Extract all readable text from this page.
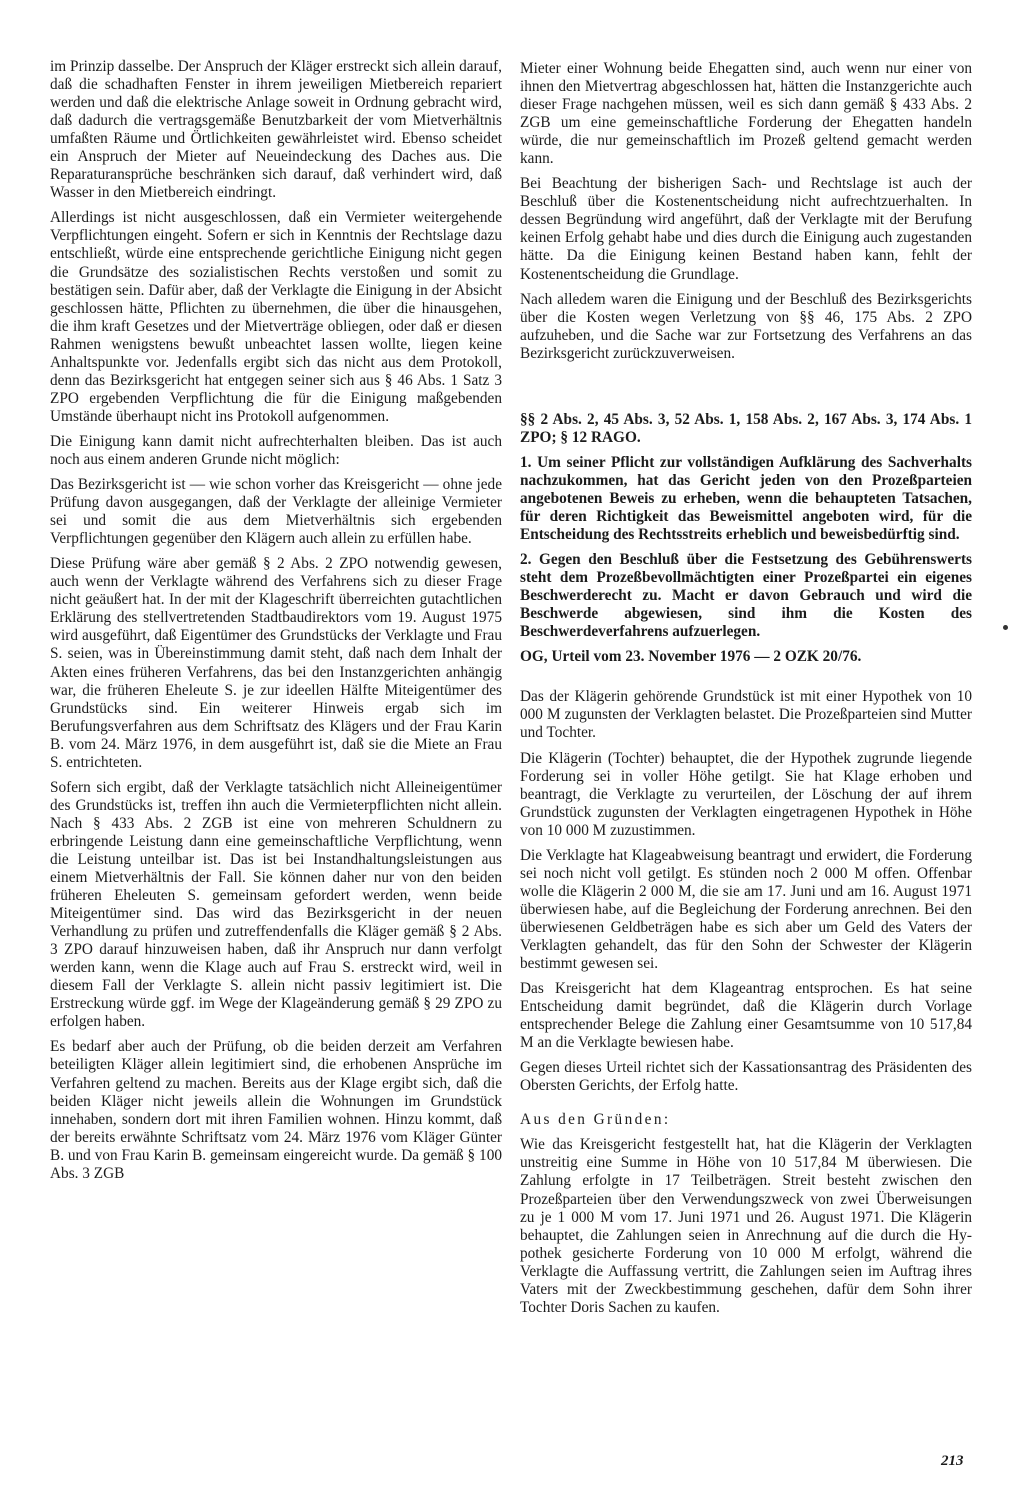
im Prinzip dasselbe. Der Anspruch der Kläger erstreckt sich allein darauf, daß die schadhaften Fenster in ihrem jeweiligen Mietbereich repariert werden und daß die elektrische Anlage soweit in Ordnung gebracht wird, daß dadurch die vertragsgemäße Benutzbarkeit der vom Mietverhältnis umfaßten Räume und Örtlichkeiten gewährleistet wird. Ebenso scheidet ein Anspruch der Mieter auf Neueindeckung des Daches aus. Die Reparaturansprüche beschränken sich darauf, daß verhindert wird, daß Wasser in den Mietbereich eindringt.

Allerdings ist nicht ausgeschlossen, daß ein Vermieter weitergehende Verpflichtungen eingeht. Sofern er sich in Kenntnis der Rechtslage dazu entschließt, würde eine entsprechende gerichtliche Einigung nicht gegen die Grundsätze des sozialistischen Rechts verstoßen und somit zu bestätigen sein. Dafür aber, daß der Verklagte die Einigung in der Absicht geschlossen hätte, Pflichten zu übernehmen, die über die hinausgehen, die ihm kraft Gesetzes und der Mietverträge obliegen, oder daß er diesen Rahmen wenigstens bewußt unbeachtet lassen wollte, liegen keine Anhaltspunkte vor. Jedenfalls ergibt sich das nicht aus dem Protokoll, denn das Bezirksgericht hat entgegen seiner sich aus § 46 Abs. 1 Satz 3 ZPO ergebenden Verpflichtung die für die Einigung maßgebenden Umstände überhaupt nicht ins Protokoll aufgenommen.

Die Einigung kann damit nicht aufrechterhalten bleiben. Das ist auch noch aus einem anderen Grunde nicht möglich:

Das Bezirksgericht ist — wie schon vorher das Kreisgericht — ohne jede Prüfung davon ausgegangen, daß der Verklagte der alleinige Vermieter sei und somit die aus dem Mietverhältnis sich ergebenden Verpflichtungen gegenüber den Klägern auch allein zu erfüllen habe.

Diese Prüfung wäre aber gemäß § 2 Abs. 2 ZPO notwendig gewesen, auch wenn der Verklagte während des Verfahrens sich zu dieser Frage nicht geäußert hat. In der mit der Klageschrift überreichten gutachtlichen Erklärung des stellvertretenden Stadtbaudirektors vom 19. August 1975 wird ausgeführt, daß Eigentümer des Grundstücks der Verklagte und Frau S. seien, was in Übereinstimmung damit steht, daß nach dem Inhalt der Akten eines früheren Verfahrens, das bei den Instanzgerichten anhängig war, die früheren Eheleute S. je zur ideellen Hälfte Miteigentümer des Grundstücks sind. Ein weiterer Hinweis ergab sich im Berufungsverfahren aus dem Schriftsatz des Klägers und der Frau Karin B. vom 24. März 1976, in dem ausgeführt ist, daß sie die Miete an Frau S. entrichteten.

Sofern sich ergibt, daß der Verklagte tatsächlich nicht Alleineigentümer des Grundstücks ist, treffen ihn auch die Vermieterpflichten nicht allein. Nach § 433 Abs. 2 ZGB ist eine von mehreren Schuldnern zu erbringende Leistung dann eine gemeinschaftliche Verpflichtung, wenn die Leistung unteilbar ist. Das ist bei Instandhaltungsleistungen aus einem Mietverhältnis der Fall. Sie können daher nur von den beiden früheren Eheleuten S. gemeinsam gefordert werden, wenn beide Miteigentümer sind. Das wird das Bezirksgericht in der neuen Verhandlung zu prüfen und zutreffendenfalls die Kläger gemäß § 2 Abs. 3 ZPO darauf hinzuweisen haben, daß ihr Anspruch nur dann verfolgt werden kann, wenn die Klage auch auf Frau S. erstreckt wird, weil in diesem Fall der Verklagte S. allein nicht passiv legitimiert ist. Die Erstreckung würde ggf. im Wege der Klageänderung gemäß § 29 ZPO zu erfolgen haben.

Es bedarf aber auch der Prüfung, ob die beiden derzeit am Verfahren beteiligten Kläger allein legitimiert sind, die erhobenen Ansprüche im Verfahren geltend zu machen. Bereits aus der Klage ergibt sich, daß die beiden Kläger nicht jeweils allein die Wohnungen im Grundstück innehaben, sondern dort mit ihren Familien wohnen. Hinzu kommt, daß der bereits erwähnte Schriftsatz vom 24. März 1976 vom Kläger Günter B. und von Frau Karin B. gemeinsam eingereicht wurde. Da gemäß § 100 Abs. 3 ZGB

Mieter einer Wohnung beide Ehegatten sind, auch wenn nur einer von ihnen den Mietvertrag abgeschlossen hat, hätten die Instanzgerichte auch dieser Frage nachgehen müssen, weil es sich dann gemäß § 433 Abs. 2 ZGB um eine gemeinschaftliche Forderung der Ehegatten handeln würde, die nur gemeinschaftlich im Prozeß geltend gemacht werden kann.

Bei Beachtung der bisherigen Sach- und Rechtslage ist auch der Beschluß über die Kostenentscheidung nicht aufrechtzuerhalten. In dessen Begründung wird angeführt, daß der Verklagte mit der Berufung keinen Erfolg gehabt habe und dies durch die Einigung auch zugestanden hätte. Da die Einigung keinen Bestand haben kann, fehlt der Kostenentscheidung die Grundlage.

Nach alledem waren die Einigung und der Beschluß des Bezirksgerichts über die Kosten wegen Verletzung von §§ 46, 175 Abs. 2 ZPO aufzuheben, und die Sache war zur Fortsetzung des Verfahrens an das Bezirksgericht zurückzuverweisen.

§§ 2 Abs. 2, 45 Abs. 3, 52 Abs. 1, 158 Abs. 2, 167 Abs. 3, 174 Abs. 1 ZPO; § 12 RAGO.

1. Um seiner Pflicht zur vollständigen Aufklärung des Sachverhalts nachzukommen, hat das Gericht jeden von den Prozeßparteien angebotenen Beweis zu erheben, wenn die behaupteten Tatsachen, für deren Richtigkeit das Beweismittel angeboten wird, für die Entscheidung des Rechtsstreits erheblich und beweisbedürftig sind.

2. Gegen den Beschluß über die Festsetzung des Gebührenswerts steht dem Prozeßbevollmächtigten einer Prozeßpartei ein eigenes Beschwerderecht zu. Macht er davon Gebrauch und wird die Beschwerde abgewiesen, sind ihm die Kosten des Beschwerdeverfahrens aufzuerlegen.

OG, Urteil vom 23. November 1976 — 2 OZK 20/76.

Das der Klägerin gehörende Grundstück ist mit einer Hypothek von 10 000 M zugunsten der Verklagten belastet. Die Prozeßparteien sind Mutter und Tochter.

Die Klägerin (Tochter) behauptet, die der Hypothek zugrunde liegende Forderung sei in voller Höhe getilgt. Sie hat Klage erhoben und beantragt, die Verklagte zu verurteilen, der Löschung der auf ihrem Grundstück zugunsten der Verklagten eingetragenen Hypothek in Höhe von 10 000 M zuzustimmen.

Die Verklagte hat Klageabweisung beantragt und erwidert, die Forderung sei noch nicht voll getilgt. Es stünden noch 2 000 M offen. Offenbar wolle die Klägerin 2 000 M, die sie am 17. Juni und am 16. August 1971 überwiesen habe, auf die Begleichung der Forderung anrechnen. Bei den überwiesenen Geldbeträgen habe es sich aber um Geld des Vaters der Verklagten gehandelt, das für den Sohn der Schwester der Klägerin bestimmt gewesen sei.

Das Kreisgericht hat dem Klageantrag entsprochen. Es hat seine Entscheidung damit begründet, daß die Klägerin durch Vorlage entsprechender Belege die Zahlung einer Gesamtsumme von 10 517,84 M an die Verklagte bewiesen habe.

Gegen dieses Urteil richtet sich der Kassationsantrag des Präsidenten des Obersten Gerichts, der Erfolg hatte.

Aus den Gründen:

Wie das Kreisgericht festgestellt hat, hat die Klägerin der Verklagten unstreitig eine Summe in Höhe von 10 517,84 M überwiesen. Die Zahlung erfolgte in 17 Teilbeträgen. Streit besteht zwischen den Prozeßparteien über den Verwendungszweck von zwei Überweisungen zu je 1 000 M vom 17. Juni 1971 und 26. August 1971. Die Klägerin behauptet, die Zahlungen seien in Anrechnung auf die durch die Hypothek gesicherte Forderung von 10 000 M erfolgt, während die Verklagte die Auffassung vertritt, die Zahlungen seien im Auftrag ihres Vaters mit der Zweckbestimmung geschehen, dafür dem Sohn ihrer Tochter Doris Sachen zu kaufen.

213
